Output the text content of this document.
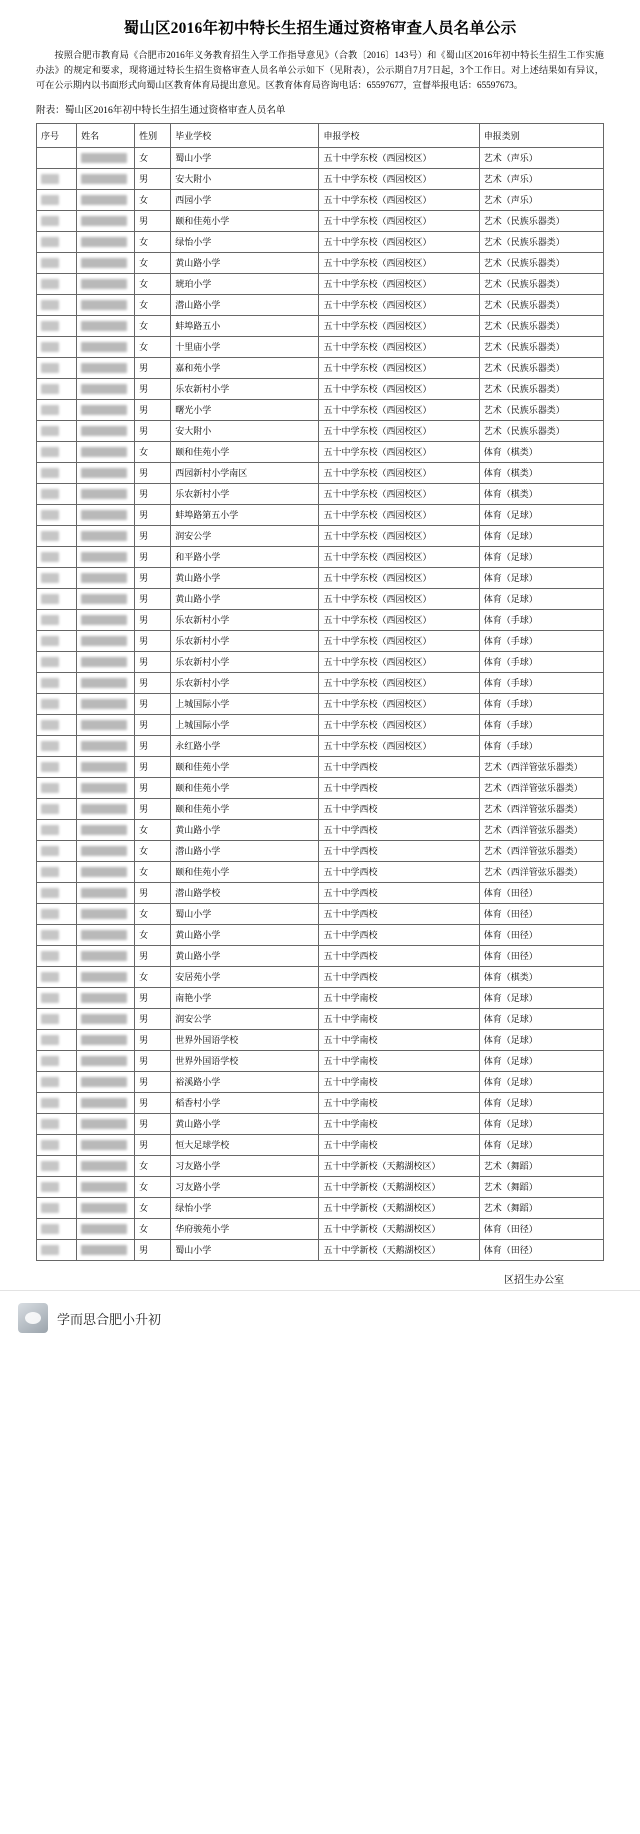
蜀山区2016年初中特长生招生通过资格审查人员名单公示
按照合肥市教育局《合肥市2016年义务教育招生入学工作指导意见》（合教〔2016〕143号）和《蜀山区2016年初中特长生招生工作实施办法》的规定和要求，现将通过特长生招生资格审查人员名单公示如下（见附表），公示期自7月7日起，3个工作日。对上述结果如有异议，可在公示期内以书面形式向蜀山区教育体育局提出意见。区教育体育局咨询电话：65597677，宣督举报电话：65597673。
附表：蜀山区2016年初中特长生招生通过资格审查人员名单
序号	姓名	性别	毕业学校	申报学校	申报类别
		女	蜀山小学	五十中学东校（西园校区）	艺术（声乐）
		男	安大附小	五十中学东校（西园校区）	艺术（声乐）
		女	西园小学	五十中学东校（西园校区）	艺术（声乐）
		男	颐和佳苑小学	五十中学东校（西园校区）	艺术（民族乐器类）
		女	绿怡小学	五十中学东校（西园校区）	艺术（民族乐器类）
		女	黄山路小学	五十中学东校（西园校区）	艺术（民族乐器类）
		女	琥珀小学	五十中学东校（西园校区）	艺术（民族乐器类）
		女	潜山路小学	五十中学东校（西园校区）	艺术（民族乐器类）
		女	蚌埠路五小	五十中学东校（西园校区）	艺术（民族乐器类）
		女	十里庙小学	五十中学东校（西园校区）	艺术（民族乐器类）
		男	嘉和苑小学	五十中学东校（西园校区）	艺术（民族乐器类）
		男	乐农新村小学	五十中学东校（西园校区）	艺术（民族乐器类）
		男	曙光小学	五十中学东校（西园校区）	艺术（民族乐器类）
		男	安大附小	五十中学东校（西园校区）	艺术（民族乐器类）
		女	颐和佳苑小学	五十中学东校（西园校区）	体育（棋类）
		男	西园新村小学南区	五十中学东校（西园校区）	体育（棋类）
		男	乐农新村小学	五十中学东校（西园校区）	体育（棋类）
		男	蚌埠路第五小学	五十中学东校（西园校区）	体育（足球）
		男	润安公学	五十中学东校（西园校区）	体育（足球）
		男	和平路小学	五十中学东校（西园校区）	体育（足球）
		男	黄山路小学	五十中学东校（西园校区）	体育（足球）
		男	黄山路小学	五十中学东校（西园校区）	体育（足球）
		男	乐农新村小学	五十中学东校（西园校区）	体育（手球）
		男	乐农新村小学	五十中学东校（西园校区）	体育（手球）
		男	乐农新村小学	五十中学东校（西园校区）	体育（手球）
		男	乐农新村小学	五十中学东校（西园校区）	体育（手球）
		男	上城国际小学	五十中学东校（西园校区）	体育（手球）
		男	上城国际小学	五十中学东校（西园校区）	体育（手球）
		男	永红路小学	五十中学东校（西园校区）	体育（手球）
		男	颐和佳苑小学	五十中学西校	艺术（西洋管弦乐器类）
		男	颐和佳苑小学	五十中学西校	艺术（西洋管弦乐器类）
		男	颐和佳苑小学	五十中学西校	艺术（西洋管弦乐器类）
		女	黄山路小学	五十中学西校	艺术（西洋管弦乐器类）
		女	潜山路小学	五十中学西校	艺术（西洋管弦乐器类）
		女	颐和佳苑小学	五十中学西校	艺术（西洋管弦乐器类）
		男	潜山路学校	五十中学西校	体育（田径）
		女	蜀山小学	五十中学西校	体育（田径）
		女	黄山路小学	五十中学西校	体育（田径）
		男	黄山路小学	五十中学西校	体育（田径）
		女	安居苑小学	五十中学西校	体育（棋类）
		男	南艳小学	五十中学南校	体育（足球）
		男	润安公学	五十中学南校	体育（足球）
		男	世界外国语学校	五十中学南校	体育（足球）
		男	世界外国语学校	五十中学南校	体育（足球）
		男	裕溪路小学	五十中学南校	体育（足球）
		男	稻香村小学	五十中学南校	体育（足球）
		男	黄山路小学	五十中学南校	体育（足球）
		男	恒大足球学校	五十中学南校	体育（足球）
		女	习友路小学	五十中学新校（天鹅湖校区）	艺术（舞蹈）
		女	习友路小学	五十中学新校（天鹅湖校区）	艺术（舞蹈）
		女	绿怡小学	五十中学新校（天鹅湖校区）	艺术（舞蹈）
		女	华府骏苑小学	五十中学新校（天鹅湖校区）	体育（田径）
		男	蜀山小学	五十中学新校（天鹅湖校区）	体育（田径）
区招生办公室
学而思合肥小升初
